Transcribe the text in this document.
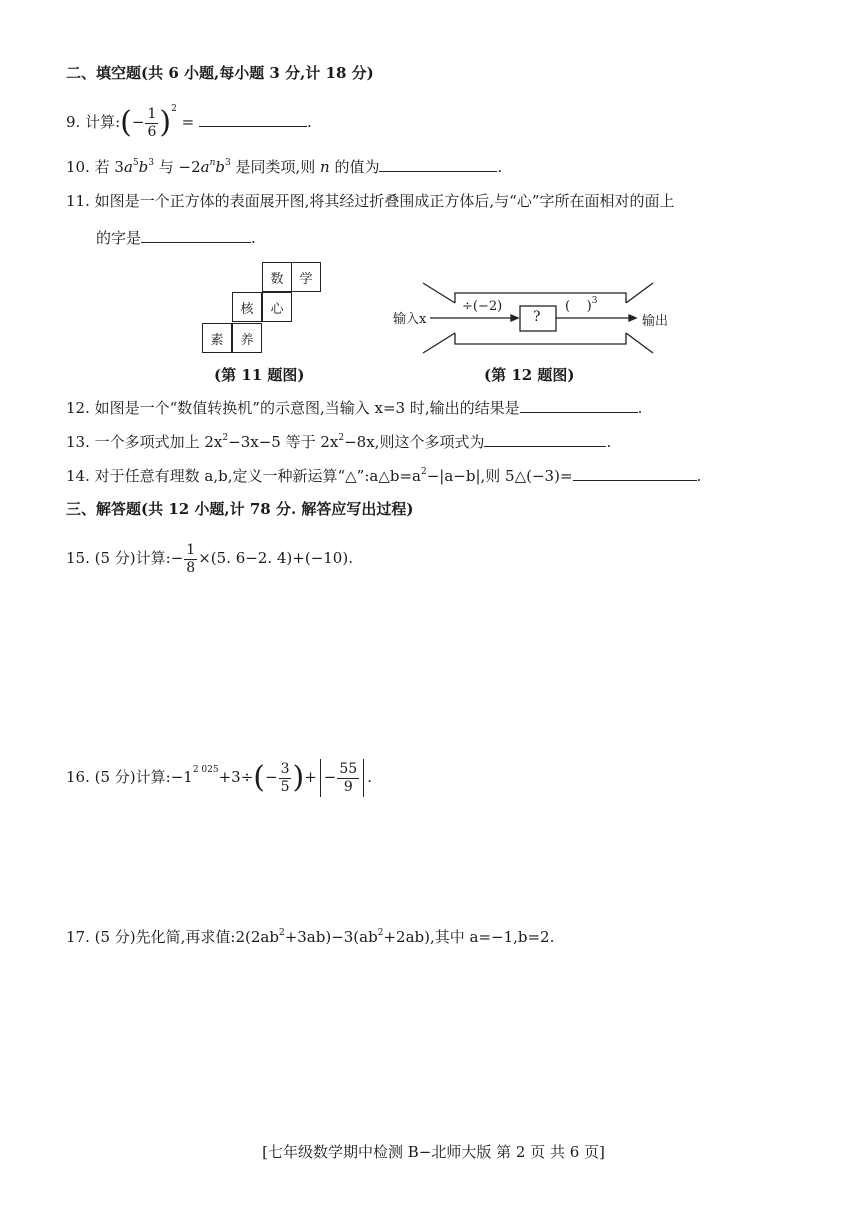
二、填空题(共 6 小题,每小题 3 分,计 18 分)
9. 计算:(− $\frac{1}{6} )^2$ =	.
10. 若 $3a^5b^3$ 与 $-2a^nb^3$ 是同类项,则 n 的值为	.
11. 如图是一个正方体的表面展开图,将其经过折叠围成正方体后,与“心”字所在面相对的面上
的字是	.
数	学
核	心
素	养
(第 11 题图)
输入x
÷(−2)
?
(    )$^3$
输出
(第 12 题图)
12. 如图是一个“数值转换机”的示意图,当输入 x=3 时,输出的结果是	.
13. 一个多项式加上 $2x^2-3x-5$ 等于 $2x^2-8x$,则这个多项式为	.
14. 对于任意有理数 a,b,定义一种新运算“$\triangle”:a\triangle b=a^2-|a-b|$,则 5△(−3)=	.
三、解答题(共 12 小题,计 78 分. 解答应写出过程)
15. (5 分)计算:− $\frac{1}{8} \times(5$. 6−2. 4)+(−10).
16. (5 分)计算$:-1^{2 025}+3\div(- \frac{3}{5}$ )+ − $\frac{55}{9}$ .
17. (5 分)先化简,再求值$:2(2ab^2+3ab)-3(ab^2+2ab)$,其中 a=−1,b=2.
[七年级数学期中检测 B−北师大版 第 2 页 共 6 页]
